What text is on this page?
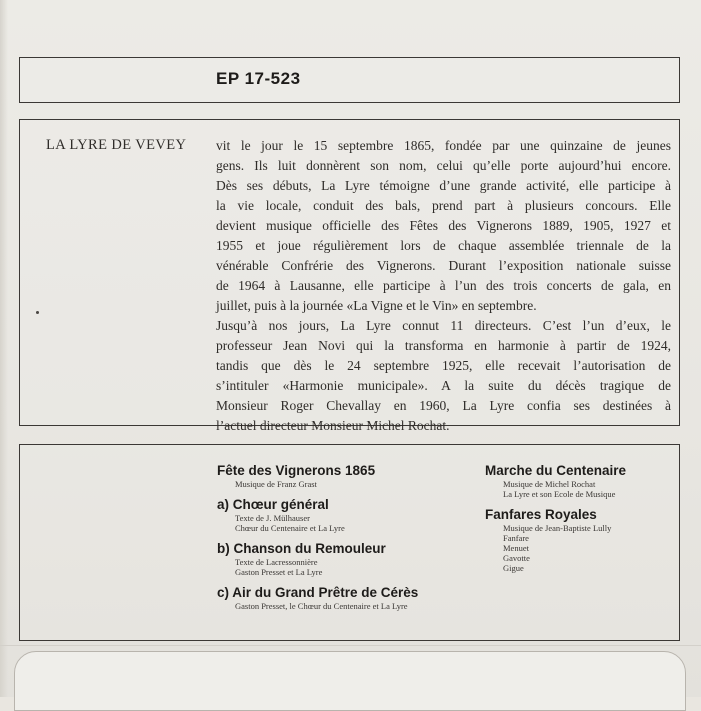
EP 17-523
LA LYRE DE VEVEY vit le jour le 15 septembre 1865, fondée par une quinzaine de jeunes
gens. Ils luit donnèrent son nom, celui qu’elle porte aujourd’hui encore.
Dès ses débuts, La Lyre témoigne d’une grande activité, elle participe à
la vie locale, conduit des bals, prend part à plusieurs concours. Elle
devient musique officielle des Fêtes des Vignerons 1889, 1905, 1927 et
1955 et joue régulièrement lors de chaque assemblée triennale de la
vénérable Confrérie des Vignerons. Durant l’exposition nationale suisse
de 1964 à Lausanne, elle participe à l’un des trois concerts de gala, en
juillet, puis à la journée «La Vigne et le Vin» en septembre.
Jusqu’à nos jours, La Lyre connut 11 directeurs. C’est l’un d’eux, le
professeur Jean Novi qui la transforma en harmonie à partir de 1924,
tandis que dès le 24 septembre 1925, elle recevait l’autorisation de
s’intituler «Harmonie municipale». A la suite du décès tragique de
Monsieur Roger Chevallay en 1960, La Lyre confia ses destinées à
l’actuel directeur Monsieur Michel Rochat.

Fête des Vignerons 1865
Musique de Franz Grast
a) Chœur général
Texte de J. Mülhauser
Chœur du Centenaire et La Lyre
b) Chanson du Remouleur
Texte de Lacressonnière
Gaston Presset et La Lyre
c) Air du Grand Prêtre de Cérès
Gaston Presset, le Chœur du Centenaire et La Lyre
Marche du Centenaire
Musique de Michel Rochat
La Lyre et son Ecole de Musique
Fanfares Royales
Musique de Jean-Baptiste Lully
Fanfare
Menuet
Gavotte
Gigue
